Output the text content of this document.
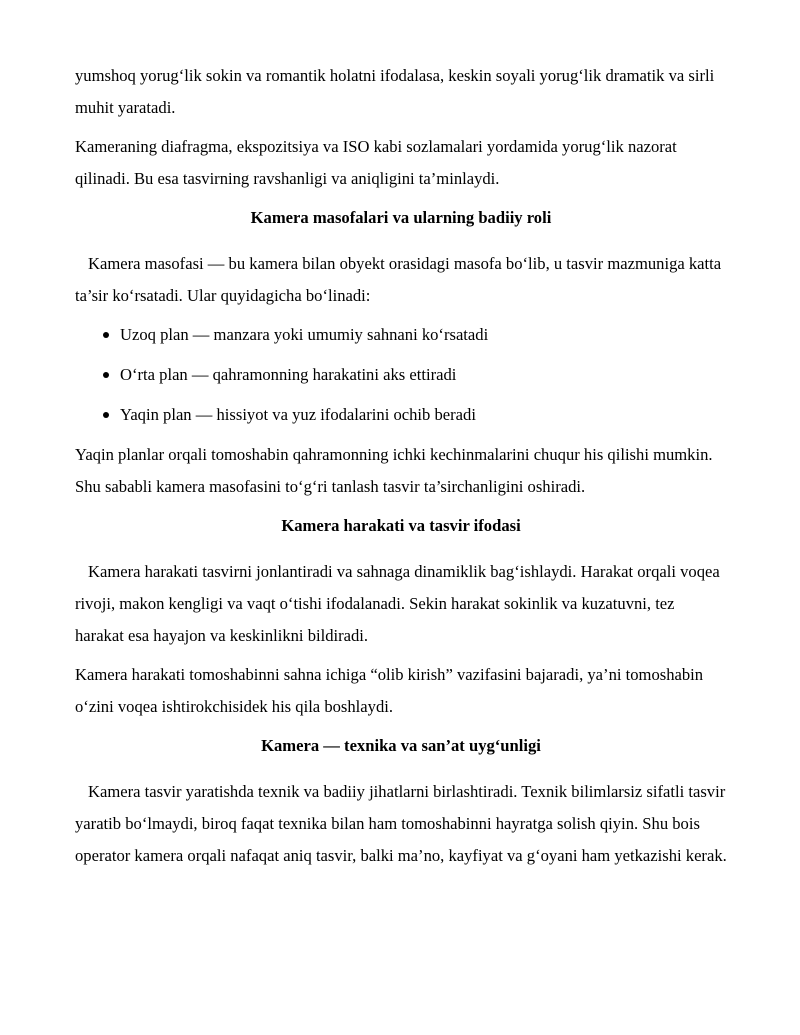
yumshoq yorug‘lik sokin va romantik holatni ifodalasa, keskin soyali yorug‘lik dramatik va sirli muhit yaratadi.

Kameraning diafragma, ekspozitsiya va ISO kabi sozlamalari yordamida yorug‘lik nazorat qilinadi. Bu esa tasvirning ravshanligi va aniqligini ta’minlaydi.

Kamera masofalari va ularning badiiy roli

Kamera masofasi — bu kamera bilan obyekt orasidagi masofa bo‘lib, u tasvir mazmuniga katta ta’sir ko‘rsatadi. Ular quyidagicha bo‘linadi:

Uzoq plan — manzara yoki umumiy sahnani ko‘rsatadi
O‘rta plan — qahramonning harakatini aks ettiradi
Yaqin plan — hissiyot va yuz ifodalarini ochib beradi

Yaqin planlar orqali tomoshabin qahramonning ichki kechinmalarini chuqur his qilishi mumkin. Shu sababli kamera masofasini to‘g‘ri tanlash tasvir ta’sirchanligini oshiradi.

Kamera harakati va tasvir ifodasi

Kamera harakati tasvirni jonlantiradi va sahnaga dinamiklik bag‘ishlaydi. Harakat orqali voqea rivoji, makon kengligi va vaqt o‘tishi ifodalanadi. Sekin harakat sokinlik va kuzatuvni, tez harakat esa hayajon va keskinlikni bildiradi.

Kamera harakati tomoshabinni sahna ichiga “olib kirish” vazifasini bajaradi, ya’ni tomoshabin o‘zini voqea ishtirokchisidek his qila boshlaydi.

Kamera — texnika va san’at uyg‘unligi

Kamera tasvir yaratishda texnik va badiiy jihatlarni birlashtiradi. Texnik bilimlarsiz sifatli tasvir yaratib bo‘lmaydi, biroq faqat texnika bilan ham tomoshabinni hayratga solish qiyin. Shu bois operator kamera orqali nafaqat aniq tasvir, balki ma’no, kayfiyat va g‘oyani ham yetkazishi kerak.
